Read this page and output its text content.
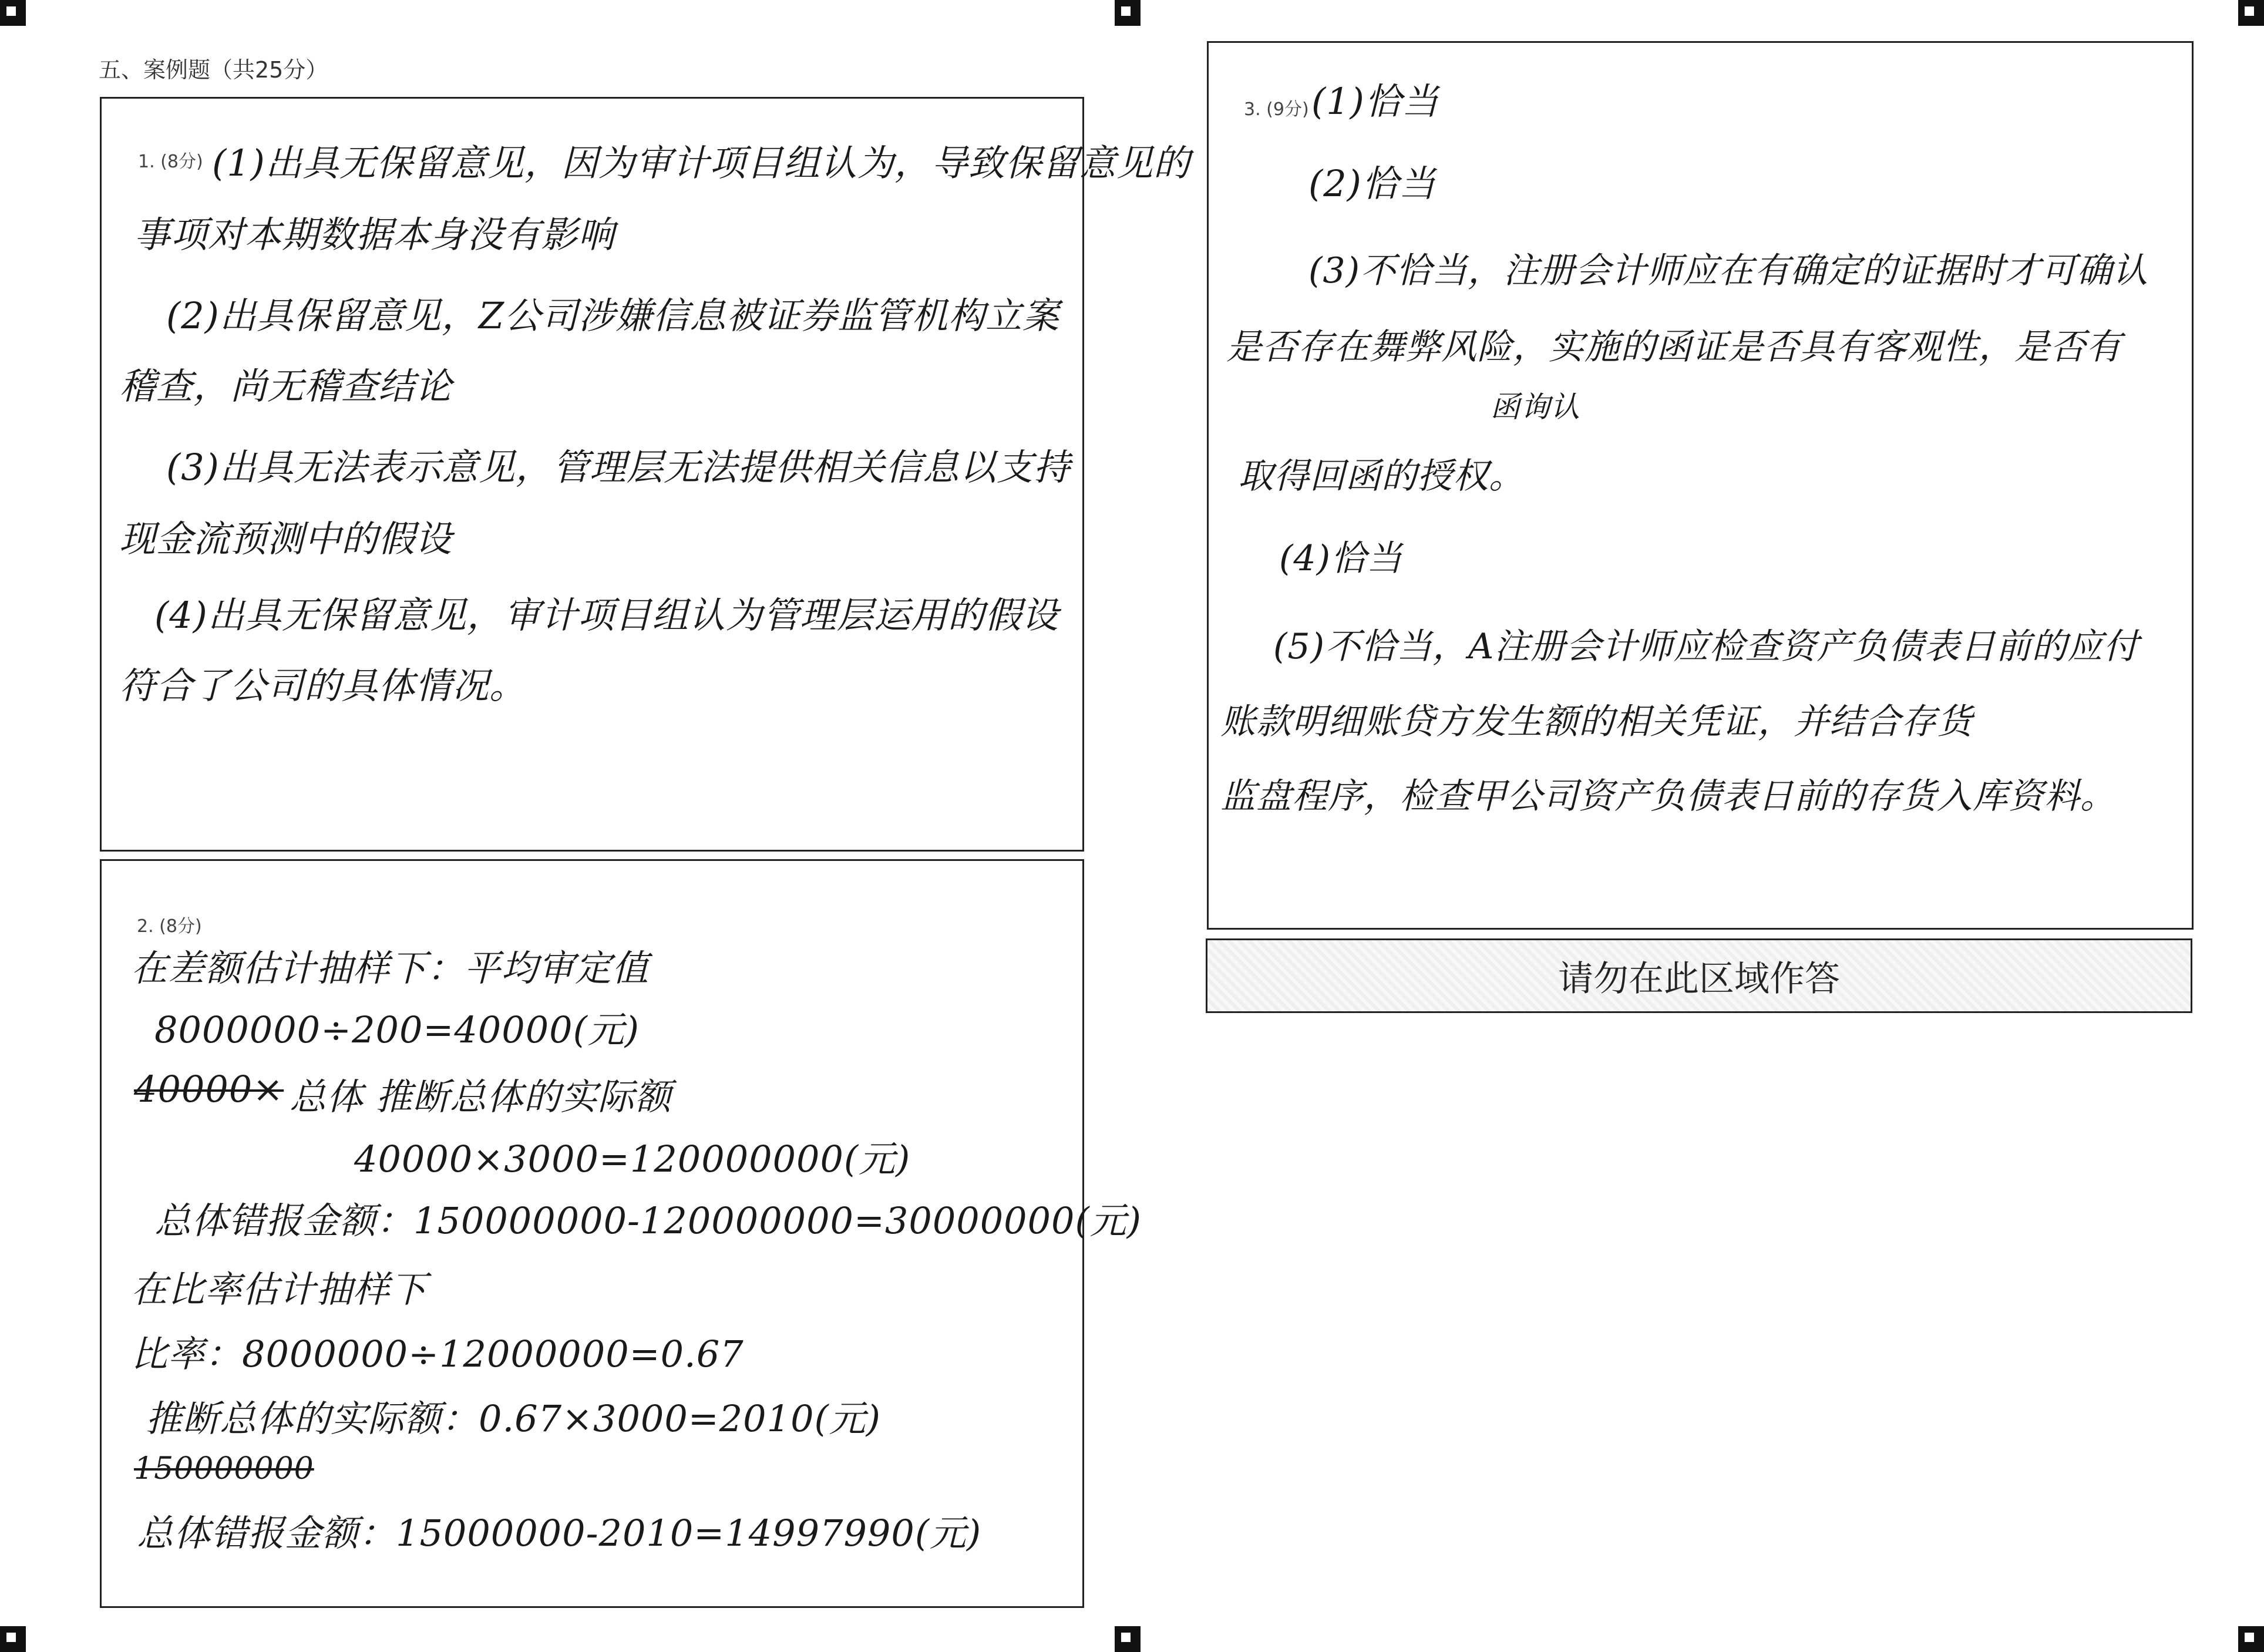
五、案例题（共25分）
1. (8分) (1)出具无保留意见，因为审计项目组认为，导致保留意见的
事项对本期数据本身没有影响
(2)出具保留意见，Z公司涉嫌信息被证券监管机构立案
稽查，尚无稽查结论
(3)出具无法表示意见，管理层无法提供相关信息以支持
现金流预测中的假设
(4)出具无保留意见，审计项目组认为管理层运用的假设
符合了公司的具体情况。
2. (8分)
在差额估计抽样下：平均审定值
8000000÷200=40000(元)
40000× 总体 推断总体的实际额
40000×3000=120000000(元)
总体错报金额：150000000-120000000=30000000(元)
在比率估计抽样下
比率：8000000÷12000000=0.67
推断总体的实际额：0.67×3000=2010(元)
150000000
总体错报金额：15000000-2010=14997990(元)
3. (9分) (1)恰当
(2)恰当
(3)不恰当，注册会计师应在有确定的证据时才可确认
是否存在舞弊风险，实施的函证是否具有客观性，是否有
函询认
取得回函的授权。
(4)恰当
(5)不恰当，A注册会计师应检查资产负债表日前的应付
账款明细账贷方发生额的相关凭证，并结合存货
监盘程序，检查甲公司资产负债表日前的存货入库资料。
请勿在此区域作答
